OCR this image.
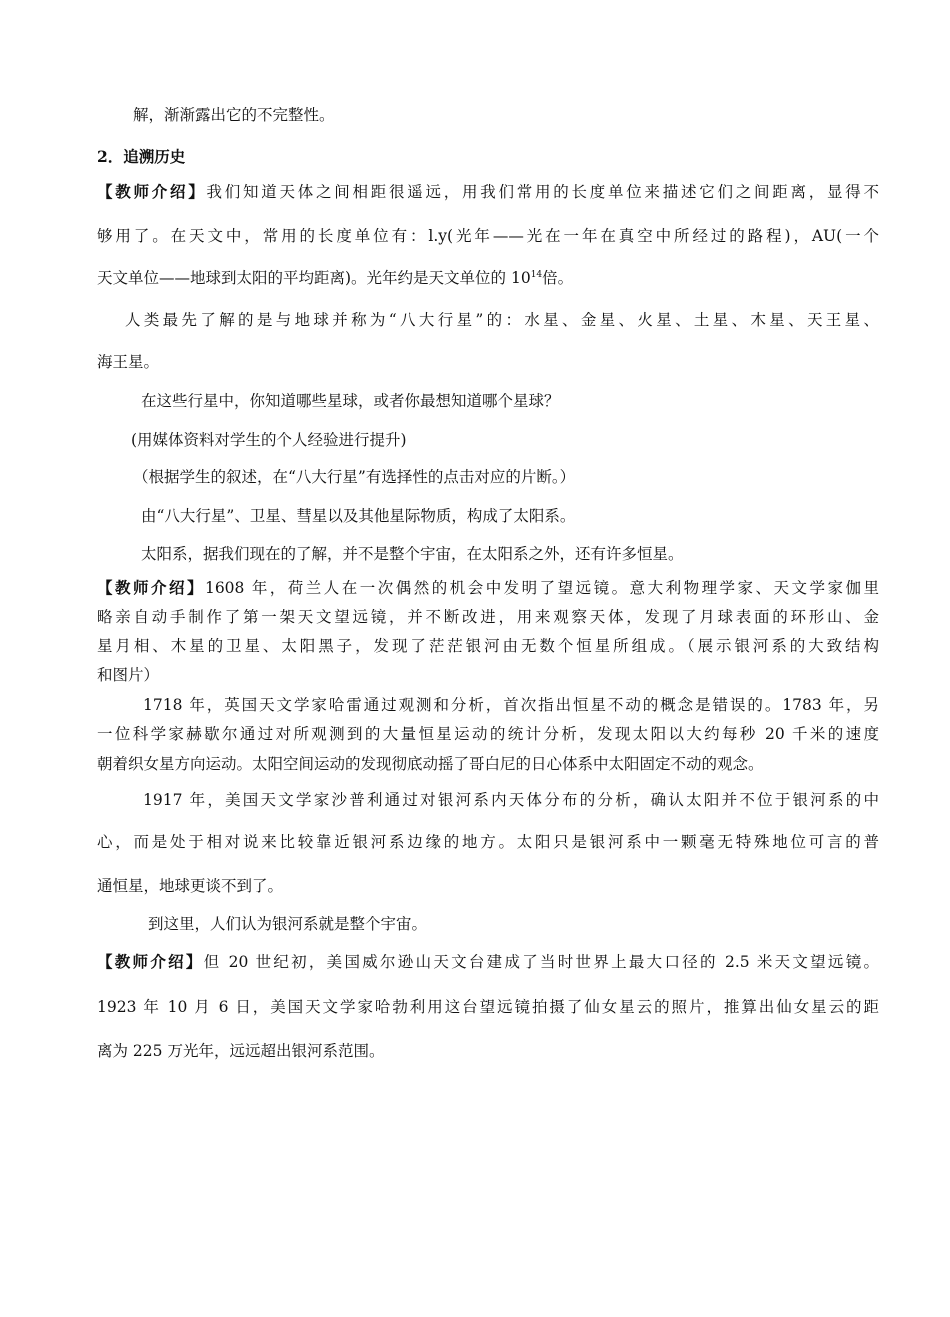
解，渐渐露出它的不完整性。
2．追溯历史
【教师介绍】我们知道天体之间相距很遥远，用我们常用的长度单位来描述它们之间距离，显得不
够用了。在天文中，常用的长度单位有：l.y(光年——光在一年在真空中所经过的路程)，AU(一个
天文单位——地球到太阳的平均距离)。光年约是天文单位的 $10^{14}$倍。
人类最先了解的是与地球并称为“八大行星”的：水星、金星、火星、土星、木星、天王星、
海王星。
在这些行星中，你知道哪些星球，或者你最想知道哪个星球？
(用媒体资料对学生的个人经验进行提升)
（根据学生的叙述，在“八大行星”有选择性的点击对应的片断。）
由“八大行星”、卫星、彗星以及其他星际物质，构成了太阳系。
太阳系，据我们现在的了解，并不是整个宇宙，在太阳系之外，还有许多恒星。
【教师介绍】1608 年，荷兰人在一次偶然的机会中发明了望远镜。意大利物理学家、天文学家伽里
略亲自动手制作了第一架天文望远镜，并不断改进，用来观察天体，发现了月球表面的环形山、金
星月相、木星的卫星、太阳黑子，发现了茫茫银河由无数个恒星所组成。（展示银河系的大致结构
和图片）
1718 年，英国天文学家哈雷通过观测和分析，首次指出恒星不动的概念是错误的。1783 年，另
一位科学家赫歇尔通过对所观测到的大量恒星运动的统计分析，发现太阳以大约每秒 20 千米的速度
朝着织女星方向运动。太阳空间运动的发现彻底动摇了哥白尼的日心体系中太阳固定不动的观念。
1917 年，美国天文学家沙普利通过对银河系内天体分布的分析，确认太阳并不位于银河系的中
心，而是处于相对说来比较靠近银河系边缘的地方。太阳只是银河系中一颗毫无特殊地位可言的普
通恒星，地球更谈不到了。
到这里，人们认为银河系就是整个宇宙。
【教师介绍】但 20 世纪初，美国威尔逊山天文台建成了当时世界上最大口径的 2.5 米天文望远镜。
1923 年 10 月 6 日，美国天文学家哈勃利用这台望远镜拍摄了仙女星云的照片，推算出仙女星云的距
离为 225 万光年，远远超出银河系范围。
